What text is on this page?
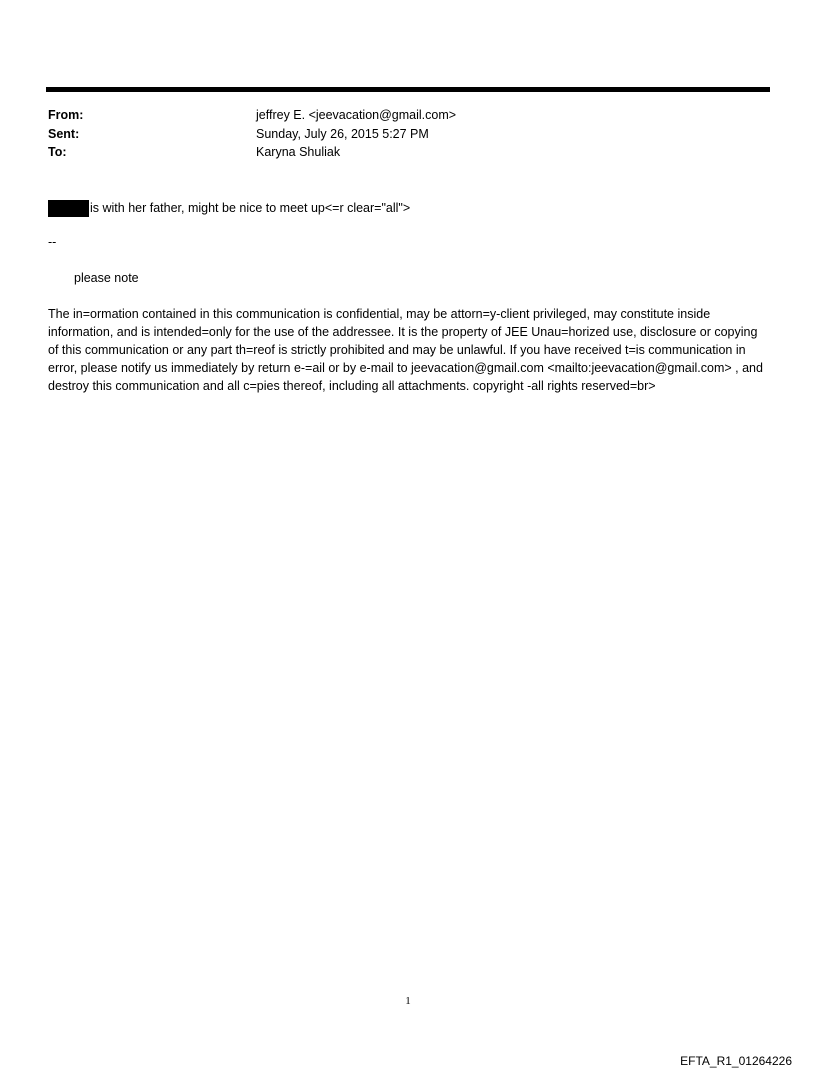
From:	jeffrey E. <jeevacation@gmail.com>
Sent:	Sunday, July 26, 2015 5:27 PM
To:	Karyna Shuliak
is with her father, might be nice to meet up<=r clear="all">
--
please note
The in=ormation contained in this communication is confidential, may be attorn=y-client privileged, may constitute inside information, and is intended=only for the use of the addressee. It is the property of JEE Unau=horized use, disclosure or copying of this communication or any part th=reof is strictly prohibited and may be unlawful. If you have received t=is communication in error, please notify us immediately by return e-=ail or by e-mail to jeevacation@gmail.com <mailto:jeevacation@gmail.com> , and destroy this communication and all c=pies thereof, including all attachments. copyright -all rights reserved=br>
1
EFTA_R1_01264226
